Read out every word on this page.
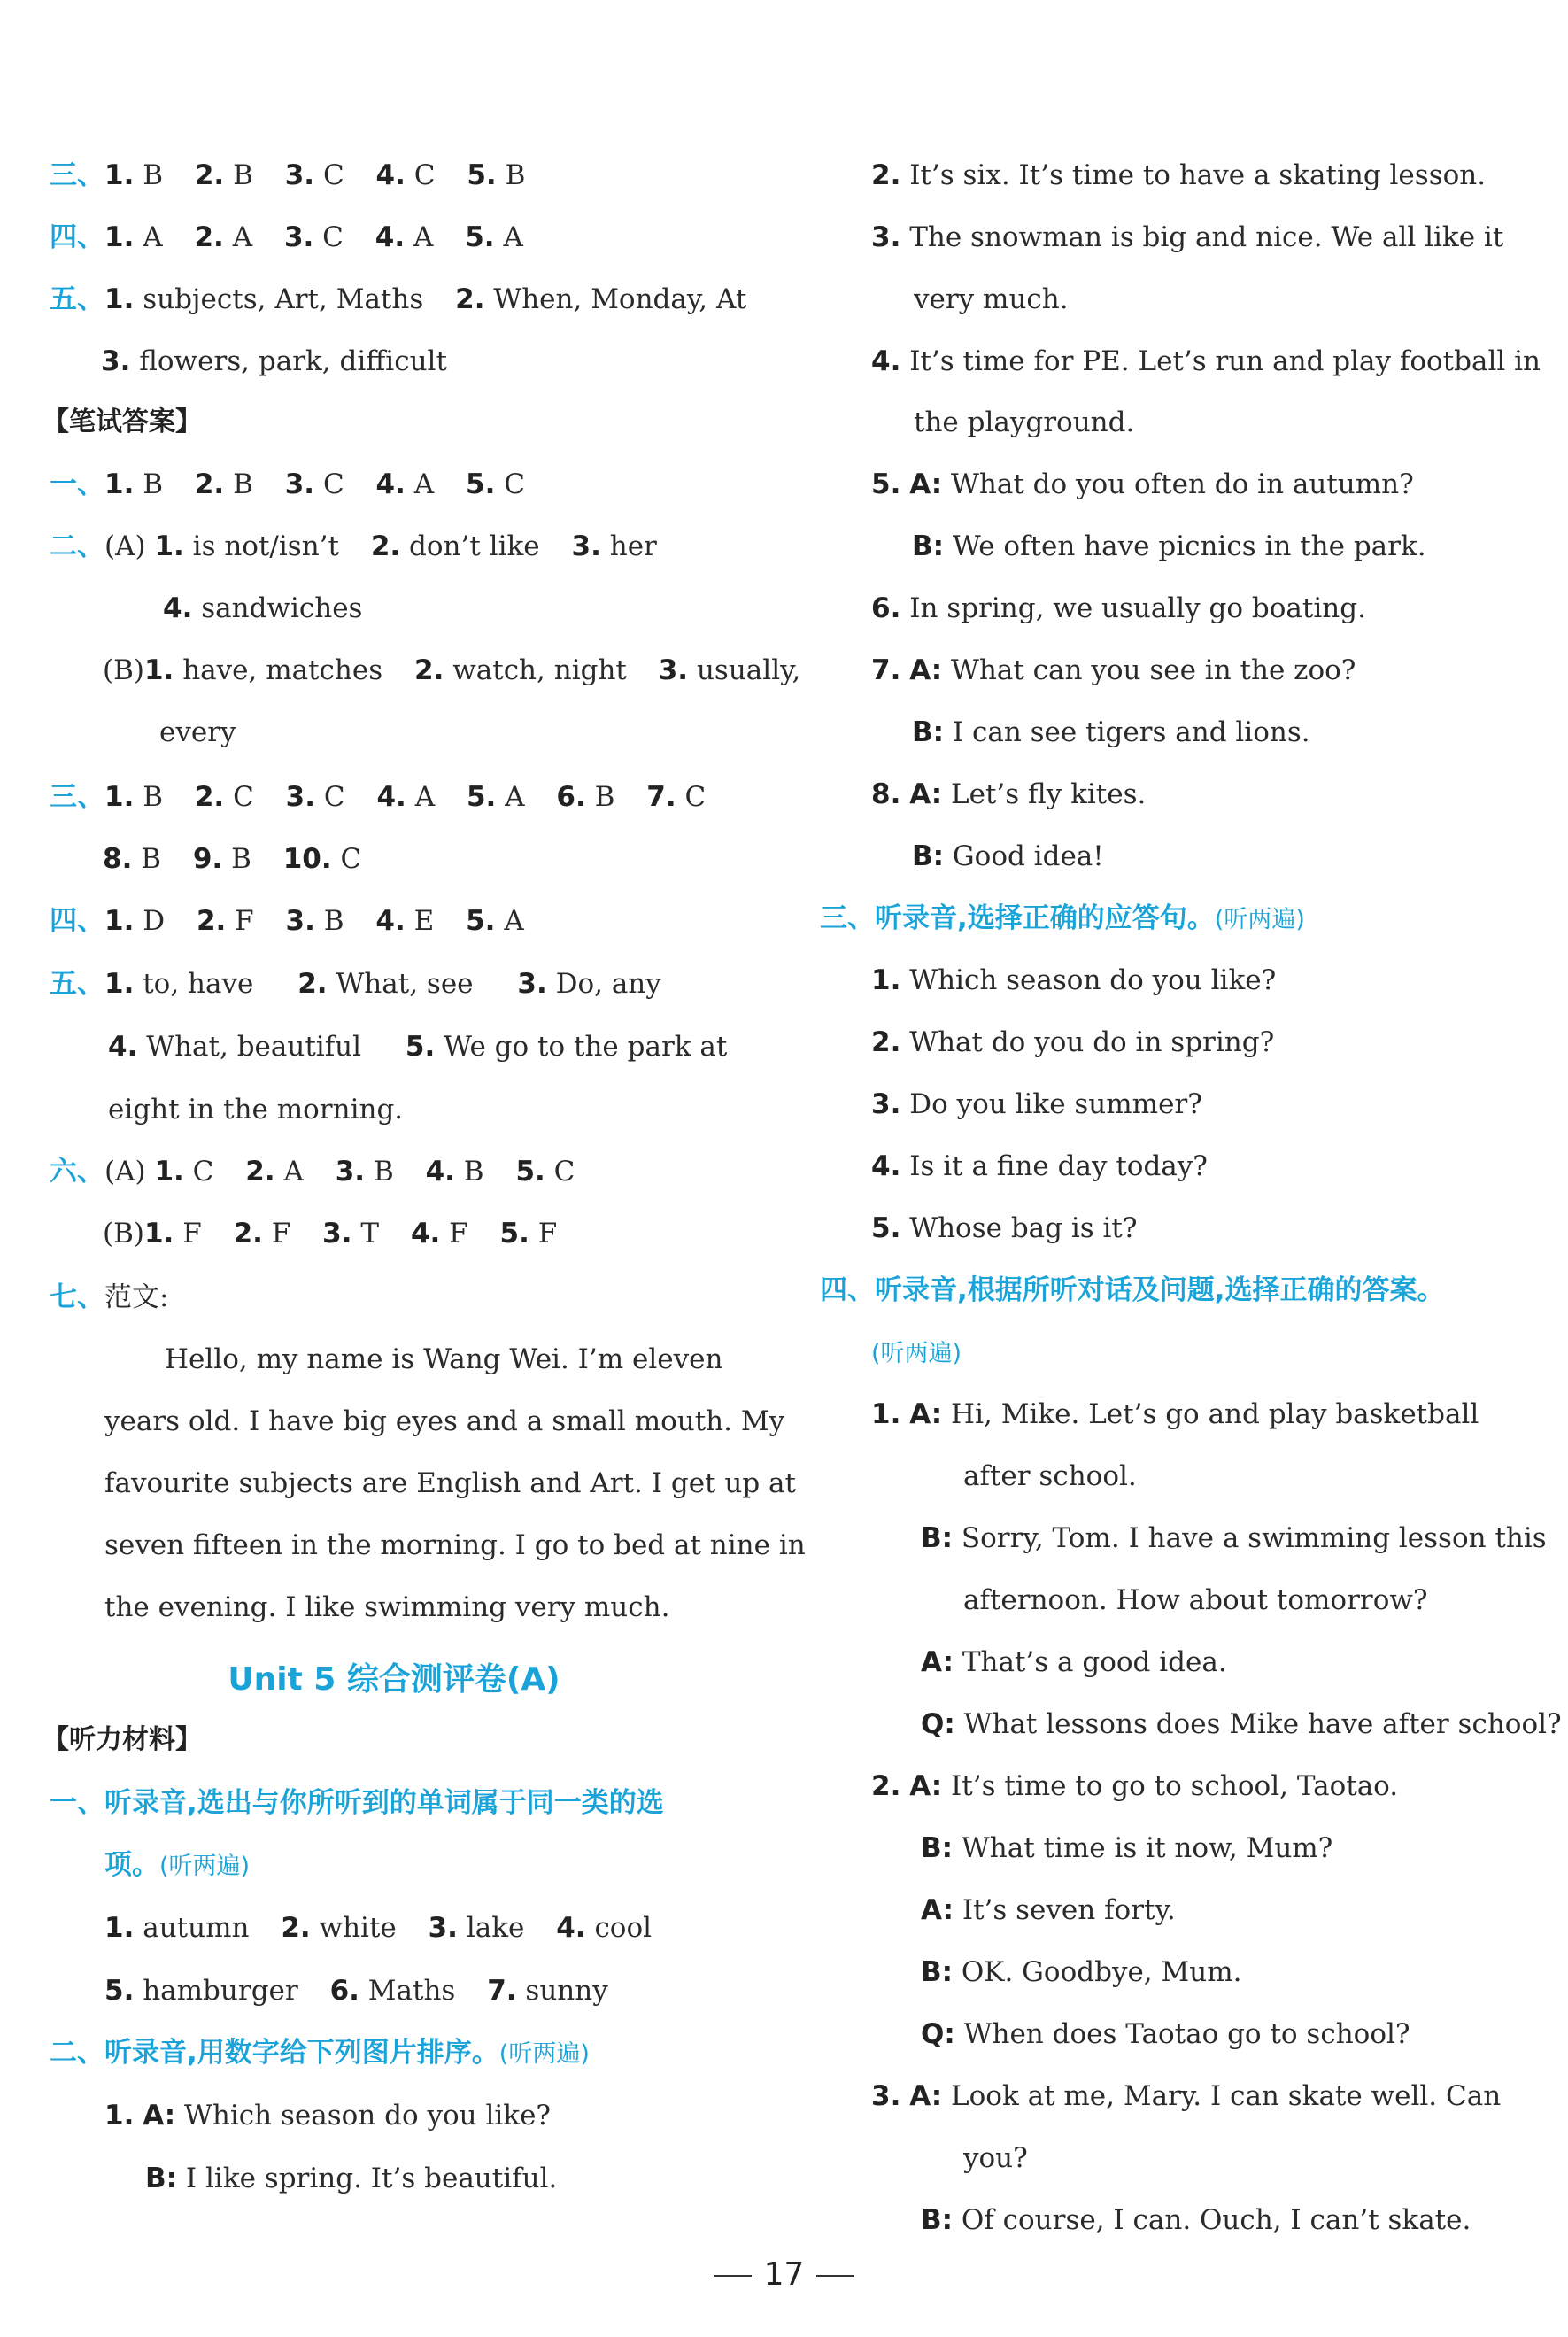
三、1. B 2. B 3. C 4. C 5. B
四、1. A 2. A 3. C 4. A 5. A
五、1. subjects, Art, Maths 2. When, Monday, At
3. flowers, park, difficult
【笔试答案】
一、1. B 2. B 3. C 4. A 5. C
二、(A) 1. is not/isn’t 2. don’t like 3. her
4. sandwiches
(B)1. have, matches 2. watch, night 3. usually,
every
三、1. B 2. C 3. C 4. A 5. A 6. B 7. C
8. B 9. B 10. C
四、1. D 2. F 3. B 4. E 5. A
五、1. to, have 2. What, see 3. Do, any
4. What, beautiful 5. We go to the park at
eight in the morning.
六、(A) 1. C 2. A 3. B 4. B 5. C
(B)1. F 2. F 3. T 4. F 5. F
七、范文:
Hello, my name is Wang Wei. I’m eleven
years old. I have big eyes and a small mouth. My
favourite subjects are English and Art. I get up at
seven fifteen in the morning. I go to bed at nine in
the evening. I like swimming very much.
Unit 5 综合测评卷(A)
【听力材料】
一、听录音,选出与你所听到的单词属于同一类的选
项。(听两遍)
1. autumn 2. white 3. lake 4. cool
5. hamburger 6. Maths 7. sunny
二、听录音,用数字给下列图片排序。(听两遍)
1. A: Which season do you like?
B: I like spring. It’s beautiful.
2. It’s six. It’s time to have a skating lesson.
3. The snowman is big and nice. We all like it
very much.
4. It’s time for PE. Let’s run and play football in
the playground.
5. A: What do you often do in autumn?
B: We often have picnics in the park.
6. In spring, we usually go boating.
7. A: What can you see in the zoo?
B: I can see tigers and lions.
8. A: Let’s fly kites.
B: Good idea!
三、听录音,选择正确的应答句。(听两遍)
1. Which season do you like?
2. What do you do in spring?
3. Do you like summer?
4. Is it a fine day today?
5. Whose bag is it?
四、听录音,根据所听对话及问题,选择正确的答案。
(听两遍)
1. A: Hi, Mike. Let’s go and play basketball
after school.
B: Sorry, Tom. I have a swimming lesson this
afternoon. How about tomorrow?
A: That’s a good idea.
Q: What lessons does Mike have after school?
2. A: It’s time to go to school, Taotao.
B: What time is it now, Mum?
A: It’s seven forty.
B: OK. Goodbye, Mum.
Q: When does Taotao go to school?
3. A: Look at me, Mary. I can skate well. Can
you?
B: Of course, I can. Ouch, I can’t skate.
17
